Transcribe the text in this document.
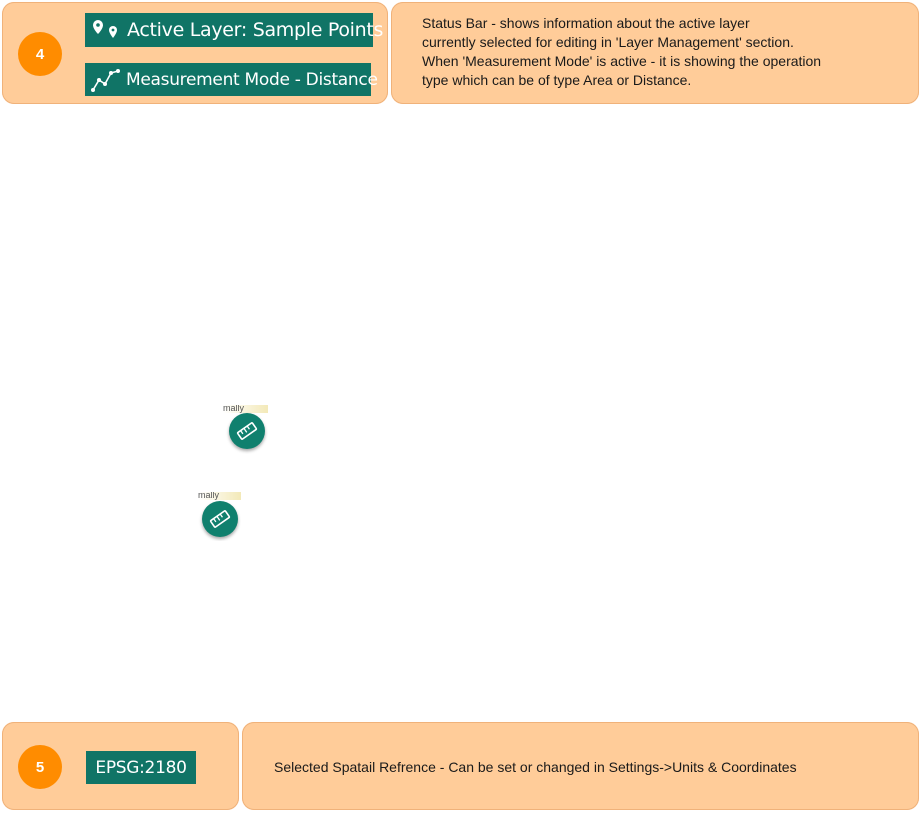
4
Active Layer: Sample Points
Measurement Mode - Distance
Status Bar - shows information about the active layer
currently selected for editing in 'Layer Management' section.
When 'Measurement Mode' is active - it is showing the operation
type which can be of type Area or Distance.
mally
mally
5	EPSG:2180	Selected Spatail Refrence - Can be set or changed in Settings->Units & Coordinates
